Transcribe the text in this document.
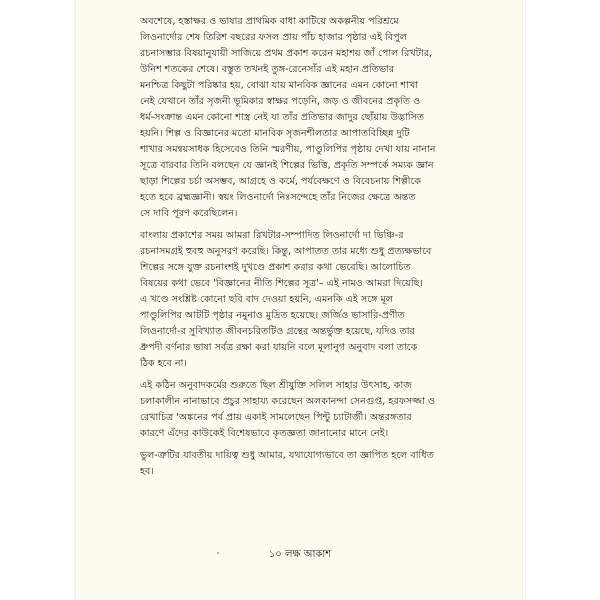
অবশেষে, হস্তাক্ষর ও ভাষার প্রাথমিক বাধা কাটিয়ে অকল্পনীয় পরিশ্রমে

লিওনার্দোর শেষ তিরিশ বছরের ফসল প্রায় পাঁচ হাজার পৃষ্ঠার এই বিপুল

রচনাসম্ভার বিষয়ানুযায়ী সাজিয়ে প্রথম প্রকাশ করেন মহাশয় জাঁ পোল রিখটার,

উনিশ শতকের শেষে। বস্তুত তখনই তুঙ্গ-রেনেসাঁর এই মহান প্রতিভার

মনশ্চিত্র কিছুটা পরিষ্কার হয়, বোঝা যায় মানবিক জ্ঞানের এমন কোনো শাখা

নেই যেখানে তাঁর সৃজনী ভূমিকার স্বাক্ষর পড়েনি, জড় ও জীবনের প্রকৃতি ও

ধর্ম-সংক্রান্ত এমন কোনো শাস্ত্র নেই যা তাঁর প্রতিভার জাদুর ছোঁয়ায় উদ্ভাসিত

হয়নি। শিল্প ও বিজ্ঞানের মতো মানবিক সৃজনশীলতার আপাতবিচ্ছিন্ন দুটি

শাখার সমন্বয়সাধক হিসেবেও তিনি স্মরণীয়, পাণ্ডুলিপির পৃষ্ঠায় দেখা যায় নানান

সূত্রে বারবার তিনি বলছেন যে জ্ঞানই শিল্পের ভিত্তি, প্রকৃতি সম্পর্কে সম্যক জ্ঞান

ছাড়া শিল্পের চর্চা অসম্ভব, আগ্রহে ও কর্মে, পর্যবেক্ষণে ও বিবেচনায় শিল্পীকে

হতে হবে ব্রহ্মজ্ঞানী। স্বয়ং লিওনার্দো নিঃসন্দেহে তাঁর নিজের ক্ষেত্রে অন্তত

সে দাবি পূরণ করেছিলেন।

বাংলায় প্রকাশের সময় আমরা রিখটার-সম্পাদিত লিওনার্দো দা ভিঞ্চি-র

রচনাসমগ্রই হুবহু অনুসরণ করেছি। কিন্তু, আপাতত তার মধ্যে শুধু প্রত্যক্ষভাবে

শিল্পের সঙ্গে যুক্ত রচনাংশই দুখণ্ডে প্রকাশ করার কথা ভেবেছি। আলোচিত

বিষয়ের কথা ভেবে 'বিজ্ঞানের নীতি শিল্পের সূত্র'– এই নামও আমরা দিয়েছি।

এ খণ্ডে সংশ্লিষ্ট কোনো ছবি বাদ দেওয়া হয়নি, এমনকি এই সঙ্গে মূল

পাণ্ডুলিপির আটটি পৃষ্ঠার নমুনাও মুদ্রিত হয়েছে। জর্জিও ভাসারি-প্রণীত

লিওনার্দো-র সুবিখ্যাত জীবনচরিতটিও গ্রন্থের অন্তর্ভুক্ত হয়েছে, যদিও তার

ধ্রুপদী বর্ণনার ভাষা সর্বত্র রক্ষা করা যায়নি বলে মূলানুগ অনুবাদ বলা তাকে

ঠিক হবে না।

এই কঠিন অনুবাদকর্মের শুরুতে ছিল শ্রীযুক্তি সলিল সাহার উৎসাহ, কাজ

চলাকালীন নানাভাবে প্রচুর সাহায্য করেছেন অলকানন্দা সেনগুপ্ত, হরফসজ্জা ও

রেখাচিত্র 'অঙ্কনের পর্ব প্রায় একাই সামলেছেন পিন্টু চ্যাটার্জী। অন্তরঙ্গতার

কারণে এঁদের কাউকেই বিশেষভাবে কৃতজ্ঞতা জানানোর মানে নেই।

ভুল-ত্রুটির যাবতীয় দায়িত্ব শুধু আমার, যথাযোগ্যভাবে তা জ্ঞাপিত হলে বাধিত

হব।

১০ লক্ষ আকাশ
